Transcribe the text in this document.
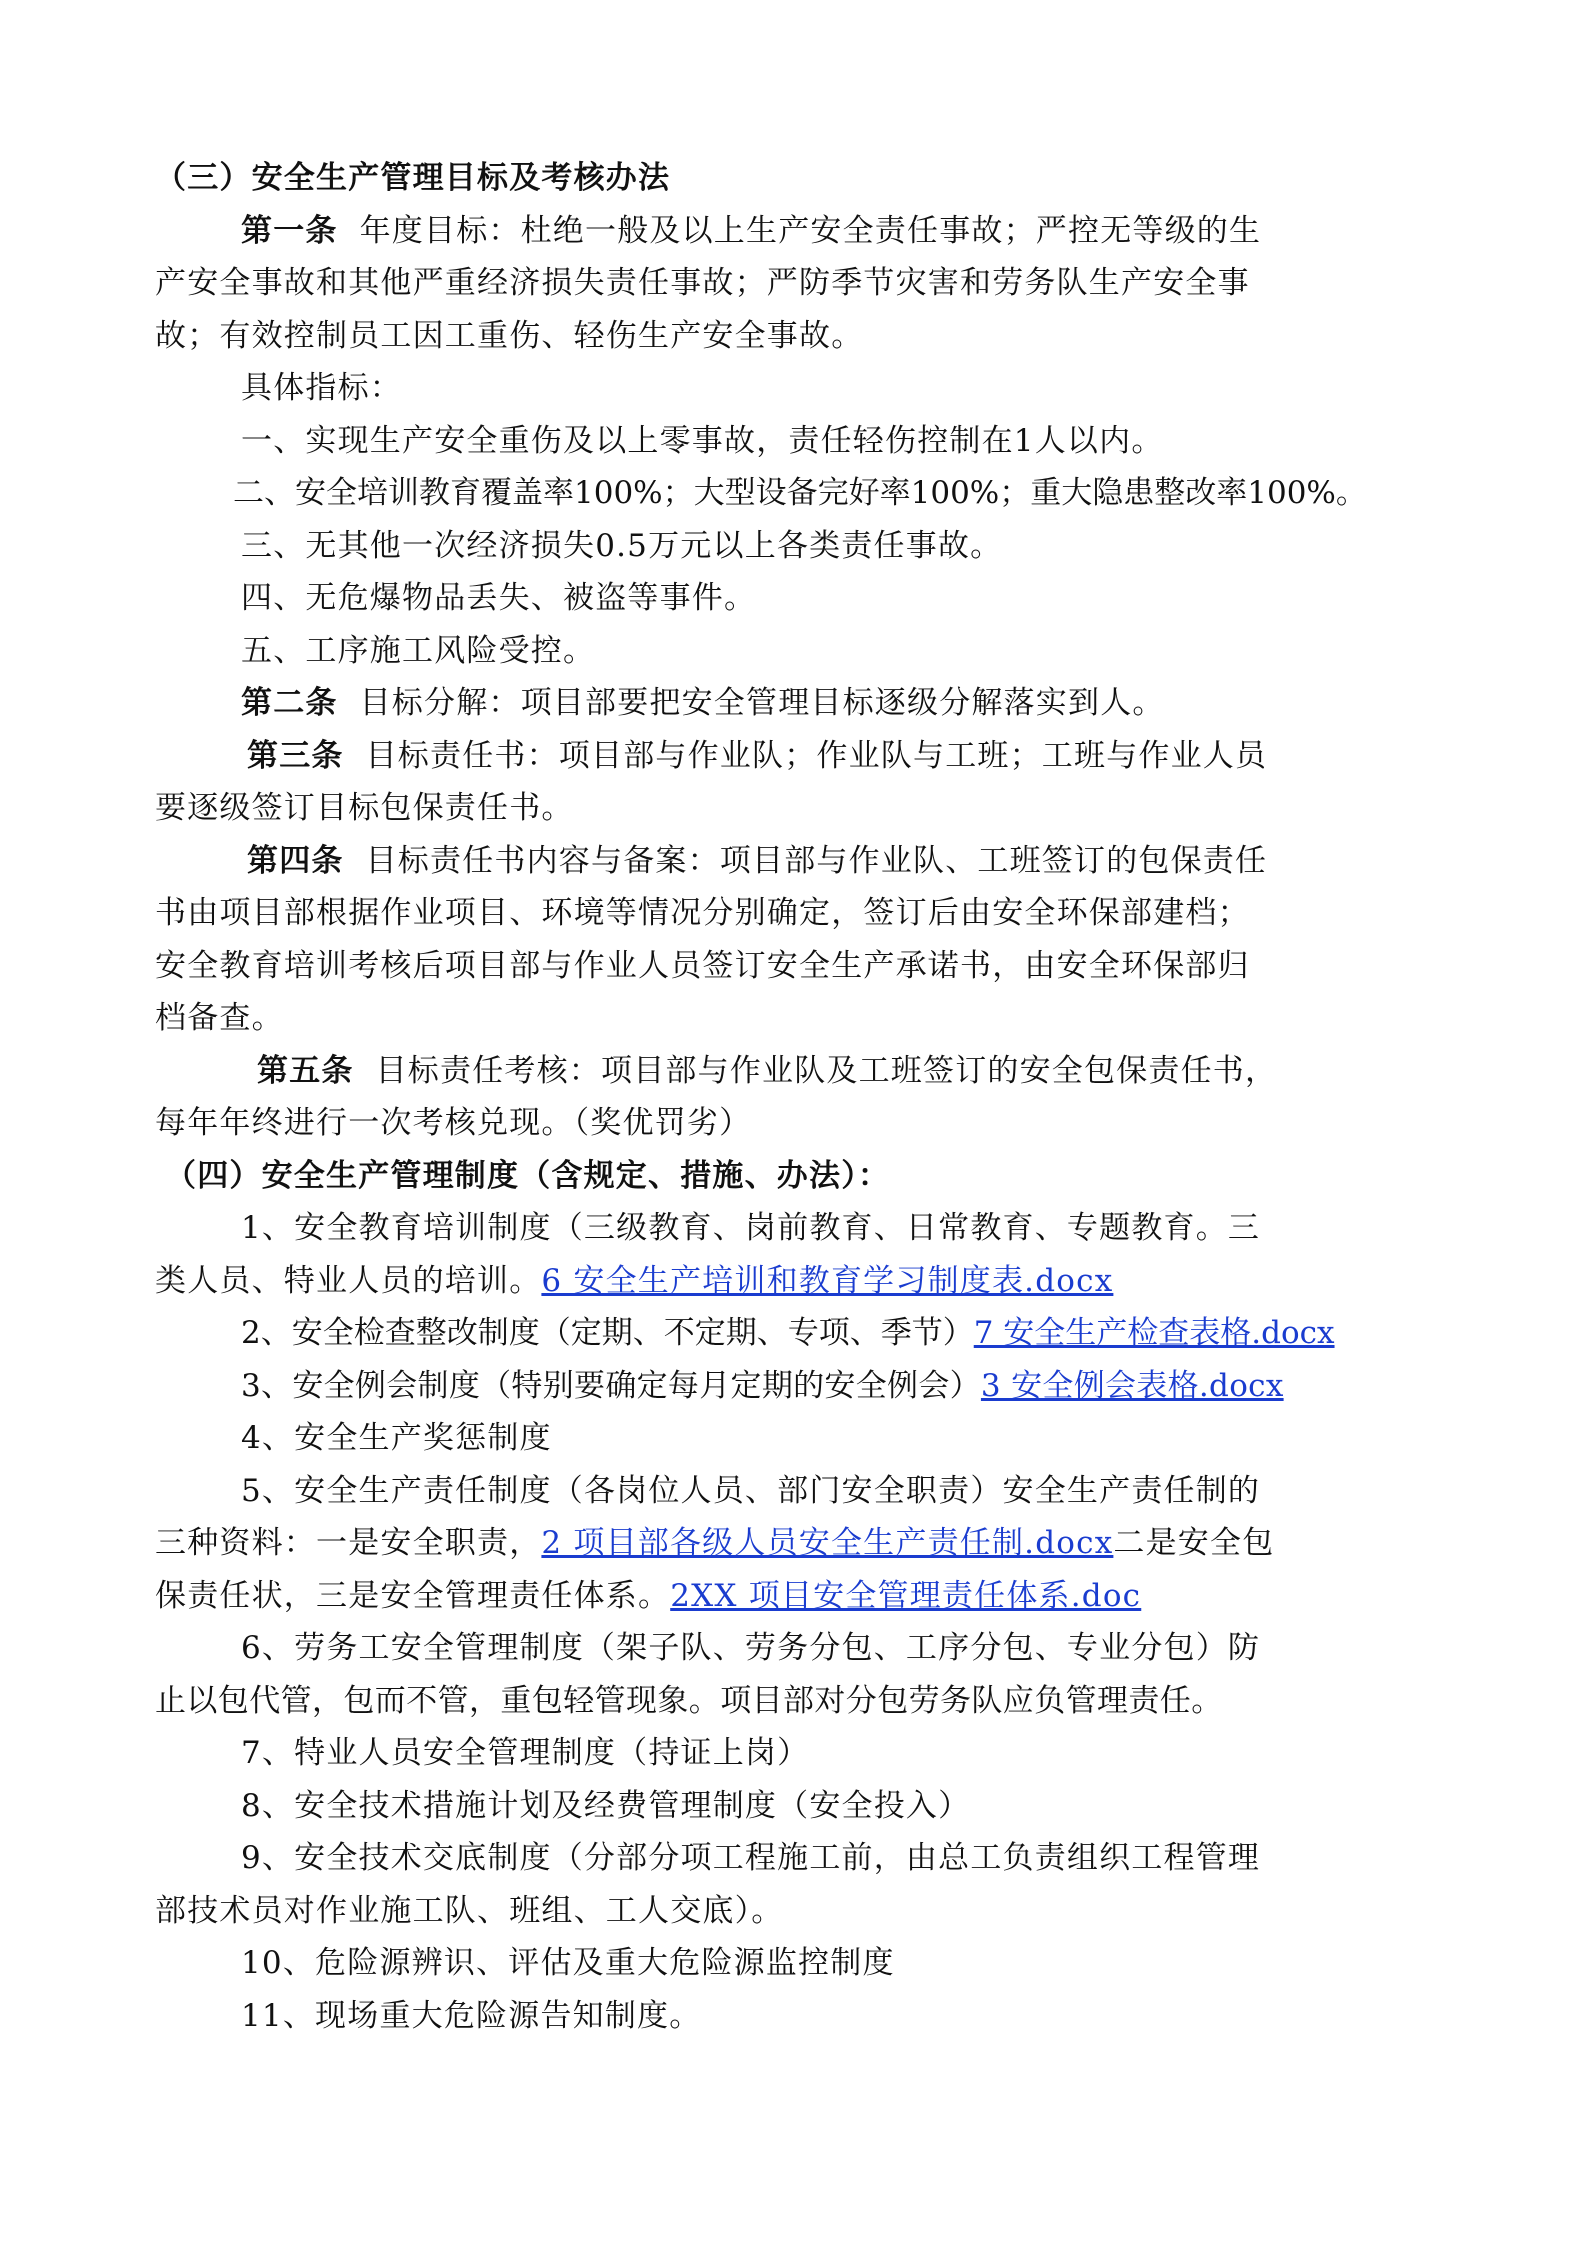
（三）安全生产管理目标及考核办法
第一条 年度目标：杜绝一般及以上生产安全责任事故；严控无等级的生
产安全事故和其他严重经济损失责任事故；严防季节灾害和劳务队生产安全事
故；有效控制员工因工重伤、轻伤生产安全事故。
具体指标：
一、实现生产安全重伤及以上零事故，责任轻伤控制在1人以内。
二、安全培训教育覆盖率100%；大型设备完好率100%；重大隐患整改率100%。
三、无其他一次经济损失0.5万元以上各类责任事故。
四、无危爆物品丢失、被盗等事件。
五、工序施工风险受控。
第二条 目标分解：项目部要把安全管理目标逐级分解落实到人。
第三条 目标责任书：项目部与作业队；作业队与工班；工班与作业人员
要逐级签订目标包保责任书。
第四条 目标责任书内容与备案：项目部与作业队、工班签订的包保责任
书由项目部根据作业项目、环境等情况分别确定，签订后由安全环保部建档；
安全教育培训考核后项目部与作业人员签订安全生产承诺书，由安全环保部归
档备查。
第五条 目标责任考核：项目部与作业队及工班签订的安全包保责任书，
每年年终进行一次考核兑现。（奖优罚劣）
（四）安全生产管理制度（含规定、措施、办法）：
1、安全教育培训制度（三级教育、岗前教育、日常教育、专题教育。三
类人员、特业人员的培训。6 安全生产培训和教育学习制度表.docx
2、安全检查整改制度（定期、不定期、专项、季节）7 安全生产检查表格.docx
3、安全例会制度（特别要确定每月定期的安全例会）3 安全例会表格.docx
4、安全生产奖惩制度
5、安全生产责任制度（各岗位人员、部门安全职责）安全生产责任制的
三种资料：一是安全职责，2 项目部各级人员安全生产责任制.docx二是安全包
保责任状，三是安全管理责任体系。2XX 项目安全管理责任体系.doc
6、劳务工安全管理制度（架子队、劳务分包、工序分包、专业分包）防
止以包代管，包而不管，重包轻管现象。项目部对分包劳务队应负管理责任。
7、特业人员安全管理制度（持证上岗）
8、安全技术措施计划及经费管理制度（安全投入）
9、安全技术交底制度（分部分项工程施工前，由总工负责组织工程管理
部技术员对作业施工队、班组、工人交底）。
10、危险源辨识、评估及重大危险源监控制度
11、现场重大危险源告知制度。
